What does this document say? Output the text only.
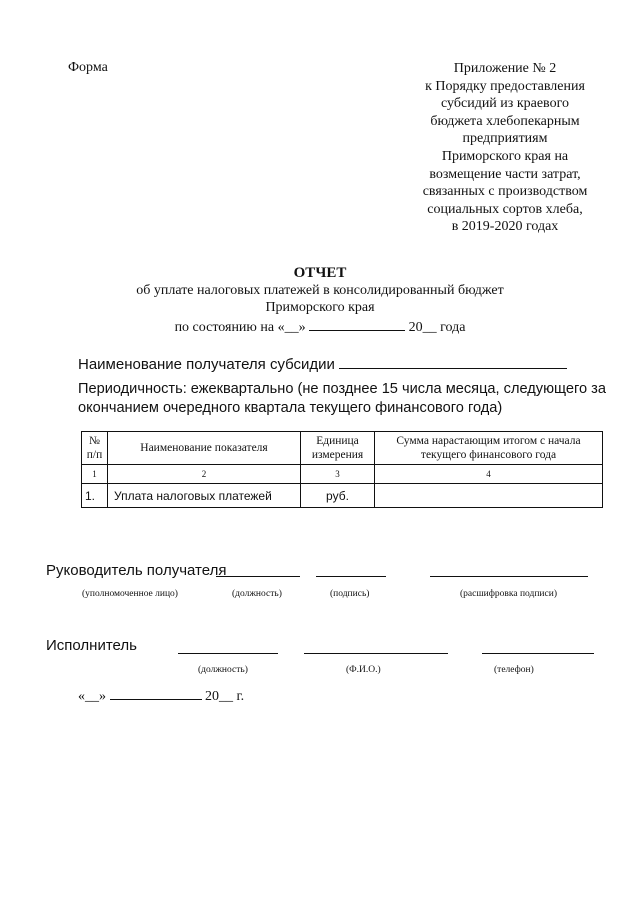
Форма	Приложение № 2
к Порядку предоставления
субсидий из краевого
бюджета хлебопекарным
предприятиям
Приморского края на
возмещение части затрат,
связанных с производством
социальных сортов хлеба,
в 2019-2020 годах
ОТЧЕТ
об уплате налоговых платежей в консолидированный бюджет
Приморского края
по состоянию на «__»	20__ года
Наименование получателя субсидии
Периодичность: ежеквартально (не позднее 15 числа месяца, следующего за окончанием очередного квартала текущего финансового года)
№ п/п	Наименование показателя	Единица измерения	Сумма нарастающим итогом с начала текущего финансового года
1	2	3	4
1.	Уплата налоговых платежей	руб.	
Руководитель получателя
(уполномоченное лицо)	(должность)	(подпись)	(расшифровка подписи)
Исполнитель
(должность)	(Ф.И.О.)	(телефон)
«__»	20__ г.
